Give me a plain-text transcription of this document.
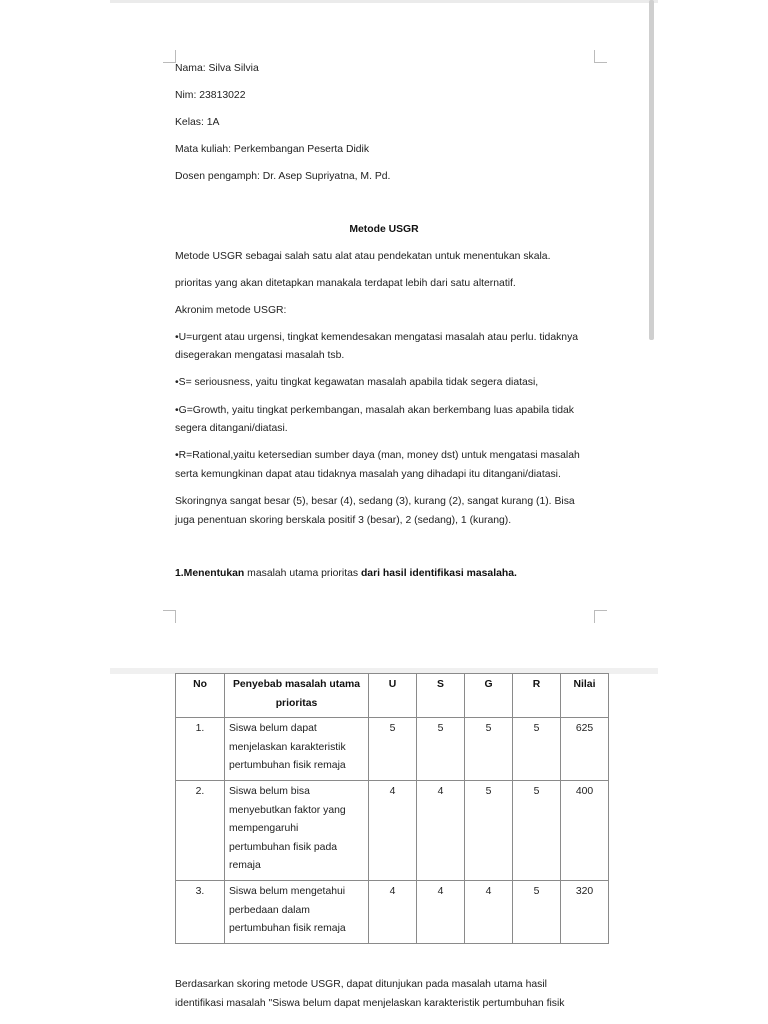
Nama: Silva Silvia
Nim: 23813022
Kelas: 1A
Mata kuliah: Perkembangan Peserta Didik
Dosen pengamph: Dr. Asep Supriyatna, M. Pd.
Metode USGR
Metode USGR sebagai salah satu alat atau pendekatan untuk menentukan skala.
prioritas yang akan ditetapkan manakala terdapat lebih dari satu alternatif.
Akronim metode USGR:
•U=urgent atau urgensi, tingkat kemendesakan mengatasi masalah atau perlu. tidaknya
disegerakan mengatasi masalah tsb.
•S= seriousness, yaitu tingkat kegawatan masalah apabila tidak segera diatasi,
•G=Growth, yaitu tingkat perkembangan, masalah akan berkembang luas apabila tidak
segera ditangani/diatasi.
•R=Rational,yaitu ketersedian sumber daya (man, money dst) untuk mengatasi masalah
serta kemungkinan dapat atau tidaknya masalah yang dihadapi itu ditangani/diatasi.
Skoringnya sangat besar (5), besar (4), sedang (3), kurang (2), sangat kurang (1). Bisa
juga penentuan skoring berskala positif 3 (besar), 2 (sedang), 1 (kurang).
1.Menentukan masalah utama prioritas dari hasil identifikasi masalaha.
No	Penyebab masalah utama
prioritas	U	S	G	R	Nilai
1.	Siswa belum dapat
menjelaskan karakteristik
pertumbuhan fisik remaja	5	5	5	5	625
2.	Siswa belum bisa
menyebutkan faktor yang
mempengaruhi
pertumbuhan fisik pada
remaja	4	4	5	5	400
3.	Siswa belum mengetahui
perbedaan dalam
pertumbuhan fisik remaja	4	4	4	5	320
Berdasarkan skoring metode USGR, dapat ditunjukan pada masalah utama hasil
identifikasi masalah "Siswa belum dapat menjelaskan karakteristik pertumbuhan fisik
